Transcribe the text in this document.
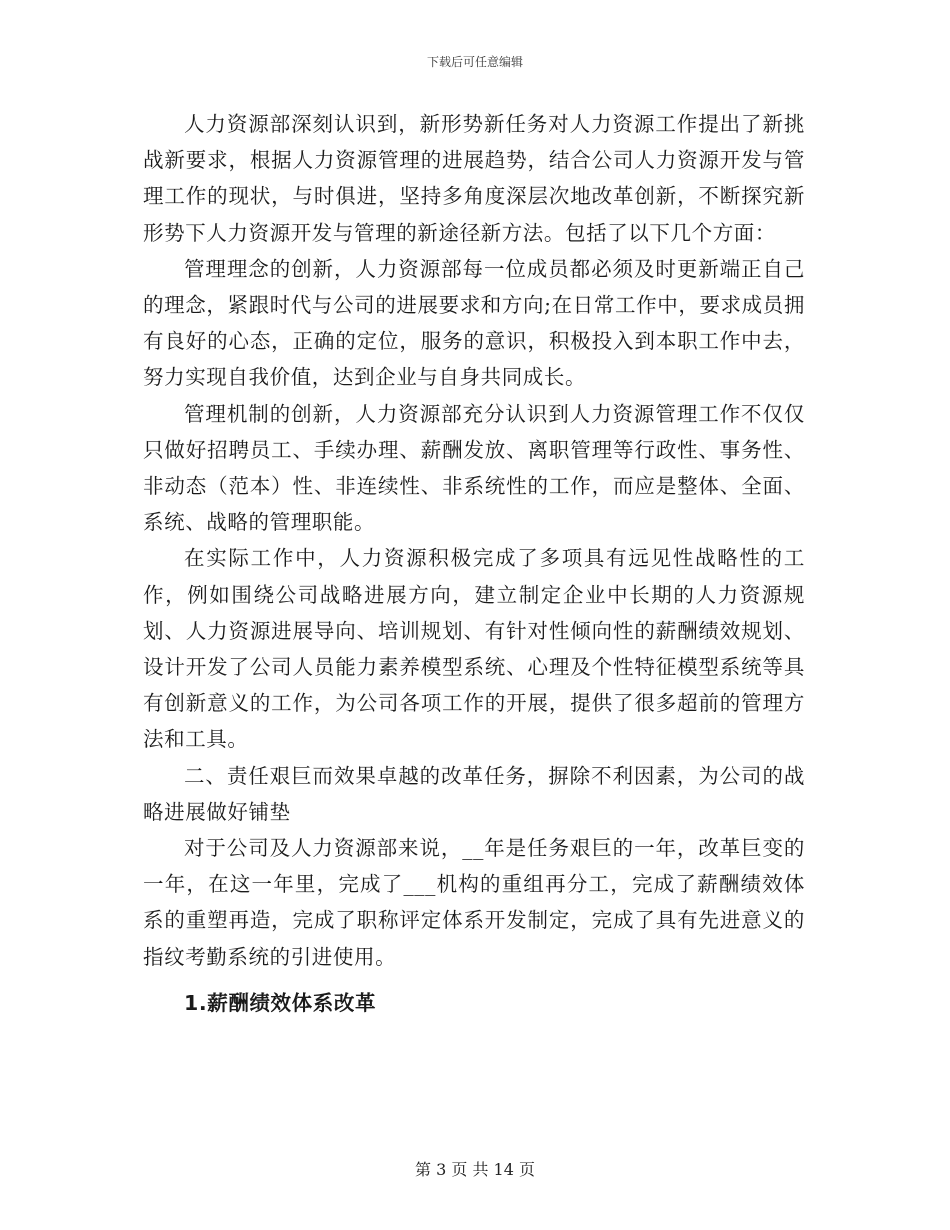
下载后可任意编辑

人力资源部深刻认识到，新形势新任务对人力资源工作提出了新挑战新要求，根据人力资源管理的进展趋势，结合公司人力资源开发与管理工作的现状，与时俱进，坚持多角度深层次地改革创新，不断探究新形势下人力资源开发与管理的新途径新方法。包括了以下几个方面：

管理理念的创新，人力资源部每一位成员都必须及时更新端正自己的理念，紧跟时代与公司的进展要求和方向;在日常工作中，要求成员拥有良好的心态，正确的定位，服务的意识，积极投入到本职工作中去，努力实现自我价值，达到企业与自身共同成长。

管理机制的创新，人力资源部充分认识到人力资源管理工作不仅仅只做好招聘员工、手续办理、薪酬发放、离职管理等行政性、事务性、非动态（范本）性、非连续性、非系统性的工作，而应是整体、全面、系统、战略的管理职能。

在实际工作中，人力资源积极完成了多项具有远见性战略性的工作，例如围绕公司战略进展方向，建立制定企业中长期的人力资源规划、人力资源进展导向、培训规划、有针对性倾向性的薪酬绩效规划、设计开发了公司人员能力素养模型系统、心理及个性特征模型系统等具有创新意义的工作，为公司各项工作的开展，提供了很多超前的管理方法和工具。

二、责任艰巨而效果卓越的改革任务，摒除不利因素，为公司的战略进展做好铺垫

对于公司及人力资源部来说，__年是任务艰巨的一年，改革巨变的一年，在这一年里，完成了___机构的重组再分工，完成了薪酬绩效体系的重塑再造，完成了职称评定体系开发制定，完成了具有先进意义的指纹考勤系统的引进使用。

1.薪酬绩效体系改革

第 3 页 共 14 页
